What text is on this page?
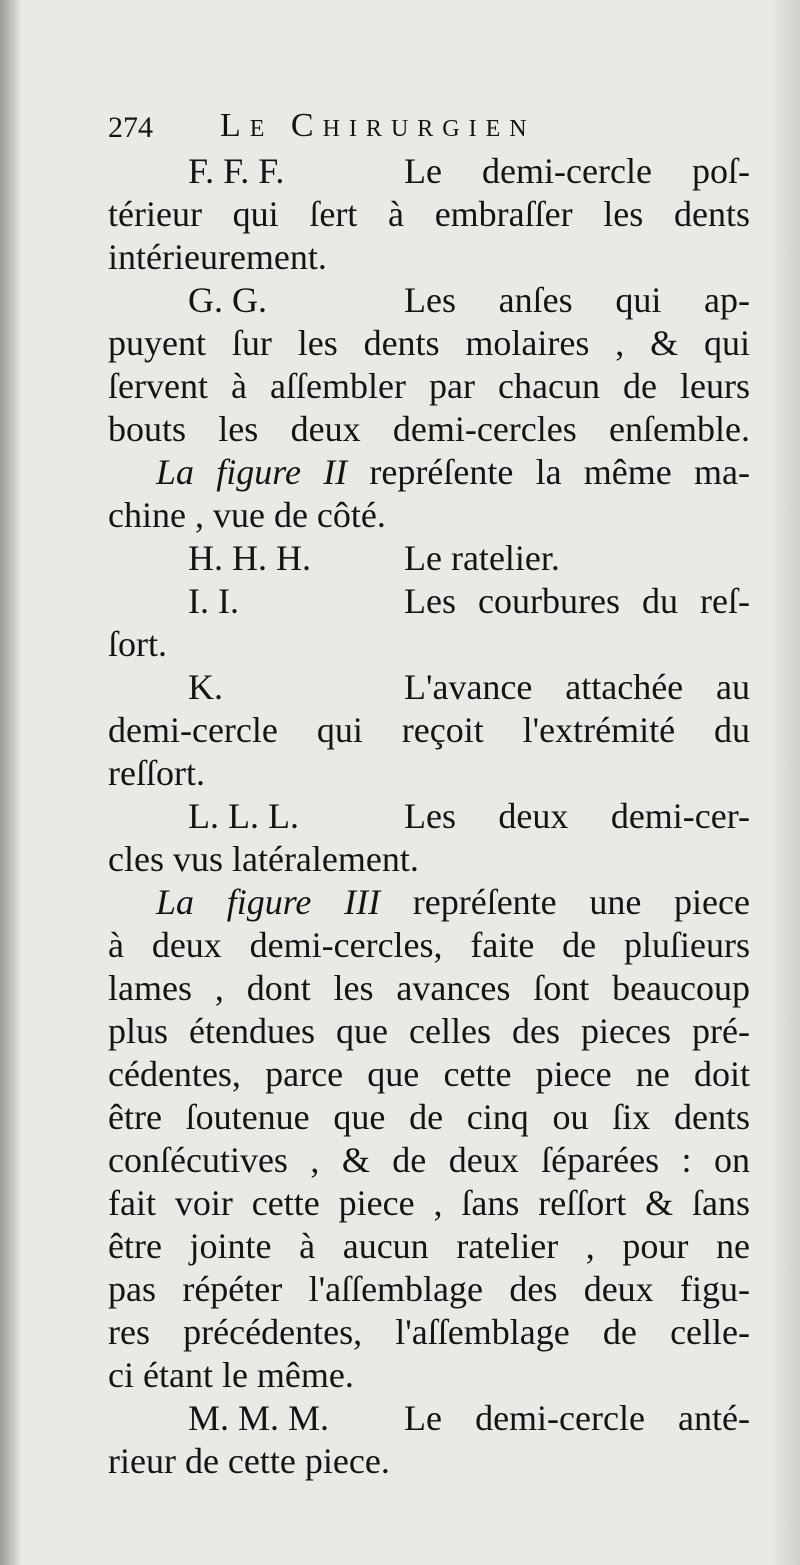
274 Le Chirurgien
F. F. F.	Le demi-cercle poſ-
térieur qui ſert à embraſſer les dents
intérieurement.
G. G.	Les anſes qui ap-
puyent ſur les dents molaires , & qui
ſervent à aſſembler par chacun de leurs
bouts les deux demi-cercles enſemble.
La figure II repréſente la même ma-
chine , vue de côté.
H. H. H.	Le ratelier.
I. I.	Les courbures du reſ-
ſort.
K.	L'avance attachée au
demi-cercle qui reçoit l'extrémité du
reſſort.
L. L. L.	Les deux demi-cer-
cles vus latéralement.
La figure III repréſente une piece
à deux demi-cercles, faite de pluſieurs
lames , dont les avances ſont beaucoup
plus étendues que celles des pieces pré-
cédentes, parce que cette piece ne doit
être ſoutenue que de cinq ou ſix dents
conſécutives , & de deux ſéparées : on
fait voir cette piece , ſans reſſort & ſans
être jointe à aucun ratelier , pour ne
pas répéter l'aſſemblage des deux figu-
res précédentes, l'aſſemblage de celle-
ci étant le même.
M. M. M. Le demi-cercle anté-
rieur de cette piece.
